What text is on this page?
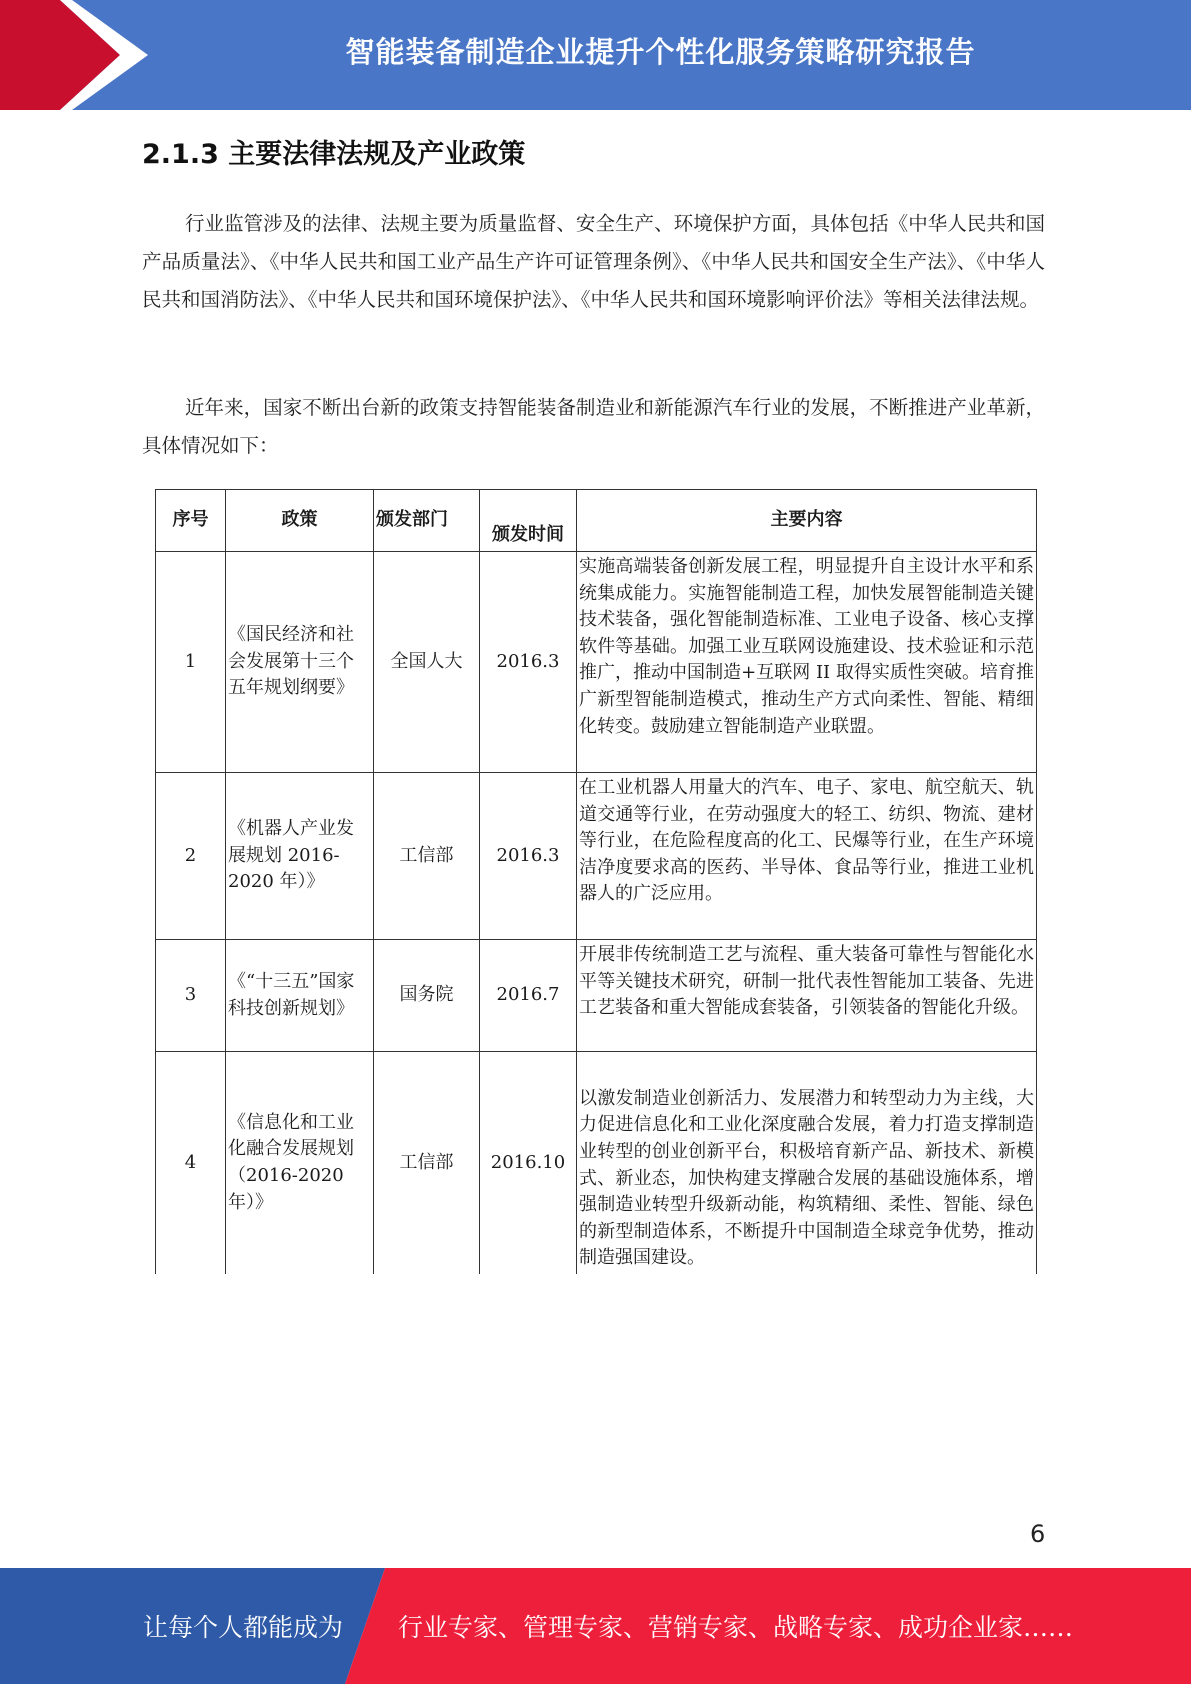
智能装备制造企业提升个性化服务策略研究报告
2.1.3 主要法律法规及产业政策

行业监管涉及的法律、法规主要为质量监督、安全生产、环境保护方面，具体包括《中华人民共和国产品质量法》、《中华人民共和国工业产品生产许可证管理条例》、《中华人民共和国安全生产法》、《中华人民共和国消防法》、《中华人民共和国环境保护法》、《中华人民共和国环境影响评价法》等相关法律法规。

近年来，国家不断出台新的政策支持智能装备制造业和新能源汽车行业的发展，不断推进产业革新，具体情况如下：

序号	政策	颁发部门	颁发时间	主要内容
1	《国民经济和社会发展第十三个五年规划纲要》	全国人大	2016.3	实施高端装备创新发展工程，明显提升自主设计水平和系统集成能力。实施智能制造工程，加快发展智能制造关键技术装备，强化智能制造标准、工业电子设备、核心支撑软件等基础。加强工业互联网设施建设、技术验证和示范推广，推动中国制造+互联网 II 取得实质性突破。培育推广新型智能制造模式，推动生产方式向柔性、智能、精细化转变。鼓励建立智能制造产业联盟。
2	《机器人产业发展规划 2016-2020 年）》	工信部	2016.3	在工业机器人用量大的汽车、电子、家电、航空航天、轨道交通等行业，在劳动强度大的轻工、纺织、物流、建材等行业，在危险程度高的化工、民爆等行业，在生产环境洁净度要求高的医药、半导体、食品等行业，推进工业机器人的广泛应用。
3	《“十三五”国家科技创新规划》	国务院	2016.7	开展非传统制造工艺与流程、重大装备可靠性与智能化水平等关键技术研究，研制一批代表性智能加工装备、先进工艺装备和重大智能成套装备，引领装备的智能化升级。
4	《信息化和工业化融合发展规划（2016-2020 年）》	工信部	2016.10	以激发制造业创新活力、发展潜力和转型动力为主线，大力促进信息化和工业化深度融合发展，着力打造支撑制造业转型的创业创新平台，积极培育新产品、新技术、新模式、新业态，加快构建支撑融合发展的基础设施体系，增强制造业转型升级新动能，构筑精细、柔性、智能、绿色的新型制造体系，不断提升中国制造全球竞争优势，推动制造强国建设。
6
让每个人都能成为 行业专家、管理专家、营销专家、战略专家、成功企业家……
